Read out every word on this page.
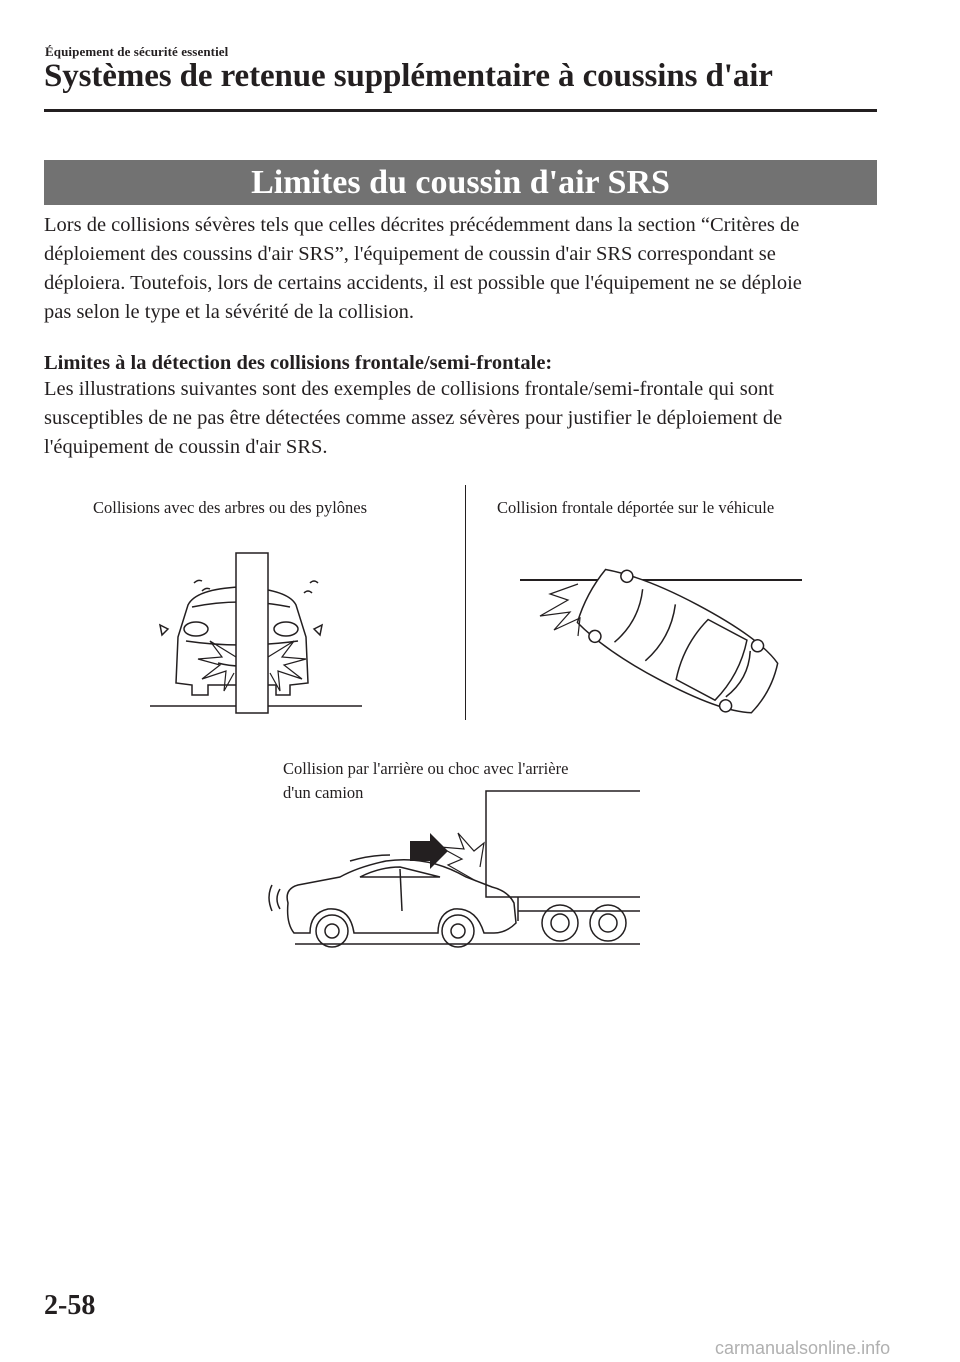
Équipement de sécurité essentiel
Systèmes de retenue supplémentaire à coussins d'air
Limites du coussin d'air SRS
Lors de collisions sévères tels que celles décrites précédemment dans la section “Critères de
déploiement des coussins d'air SRS”, l'équipement de coussin d'air SRS correspondant se
déploiera. Toutefois, lors de certains accidents, il est possible que l'équipement ne se déploie
pas selon le type et la sévérité de la collision.
Limites à la détection des collisions frontale/semi-frontale:
Les illustrations suivantes sont des exemples de collisions frontale/semi-frontale qui sont
susceptibles de ne pas être détectées comme assez sévères pour justifier le déploiement de
l'équipement de coussin d'air SRS.
Collisions avec des arbres ou des pylônes	Collision frontale déportée sur le véhicule
Collision par l'arrière ou choc avec l'arrière
d'un camion
2-58
carmanualsonline.info
